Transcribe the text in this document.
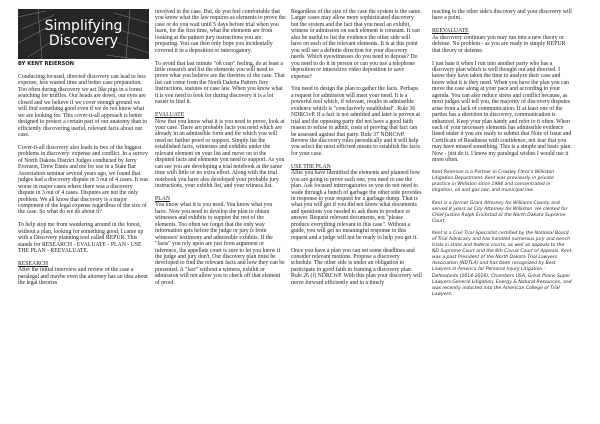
Simplifying
Discovery
BY KENT REIERSON

Conducting focused, directed discovery can lead to less expense, less wasted time and better case preparation. Too often during discovery we act like pigs in a forest searching for truffles. Our heads are down, our eyes are closed and we believe if we cover enough ground we will find something good even if we do not know what we are looking for. This cover-it-all approach is better designed to protect a certain part of our anatomy than to efficiently discovering useful, relevant facts about our case.

Cover-it-all discovery also leads to two of the biggest problems in discovery: expense and conflict. In a survey of North Dakota District Judges conducted by Jerry Evenson, Drew Ennis and me for use in a State Bar Association seminar several years ago, we found that judges had a discovery dispute in 3 out of 4 cases. It was worse in major cases where there was a discovery dispute in 3 out of 4 cases. Disputes are not the only problem. We all know that discovery is a major component of the legal expense regardless of the size of the case. So what do we do about it?

To help stop me from wandering around in the forest, without a plan, looking for something good, I came up with a Discovery planning tool called REPUR. This stands for RESEARCH - EVALUATE - PLAN - USE THE PLAN - REEVALUATE.

RESEARCH

After the initial interview and review of the case a paralegal and maybe even the attorney has an idea about the legal theories

involved in the case. But, do you feel comfortable that you know what the law requires as elements to prove the case or do you wait until 5 days before trial when you learn, for the first time, what the elements are from looking at the pattern jury instructions you are preparing. You can then only hope you incidentally covered it in a deposition or interrogatory.

To avoid that last minute "oh crap" feeling, do at least a little research and list the elements you will need to prove what you believe are the theories of the case. That list can come from the North Dakota Pattern Jury Instructions, statutes or case law. When you know what it is you need to look for during discovery it is a lot easier to find it.

EVALUATE

Now that you know what it is you need to prove, look at your case. There are probably facts you need which are already in an admissible form and for which you will need no further proof or support. Simply list the established facts, witnesses and exhibits under the relevant element on your list and move on to the disputed facts and elements you need to support. As you can see you are developing a trial notebook at the same time with little or no extra effort. Along with the trial notebook you have also developed your probable jury instructions, your exhibit list, and your witness list.

PLAN

You know what it is you need. You know what you have. Now you need to develop the plan to obtain witnesses and exhibits to support the rest of the elements. Too often we forget that the only way information gets before the judge or jury is from witnesses' testimony and admissible exhibits. If the "facts" you rely upon are just from argument or inference, the appellate court is sure to let you know if the judge and jury don't. Our discovery plan must be developed to find the relevant facts and how they can be presented. A "fact" without a witness, exhibit or admission will not allow you to check off that element of proof.

Regardless of the size of the case the system is the same. Larger cases may allow more sophisticated discovery but the system and the fact that you need an exhibit, witness or admission on each element is constant. It can also be useful to list the evidence the other side will have on each of the relevant elements. It is at this point you will see a definite direction for your discovery needs. Which eyewitnesses do you need to depose? Do you need to do it in person or can you use a telephone deposition or interactive video deposition to save expense?

You need to design the plan to gather the facts. Perhaps a request for admission will meet your need. It is a powerful tool which, if relevant, results in admissible evidence which is "conclusively established". Rule 36 NDRCivP. If a fact is not admitted and later is proven at trial and the opposing party did not have a good faith reason to refuse to admit, costs of proving that fact can be assessed against that party. Rule 37 NDRCivP. Review the discovery rules periodically and it will help you select the most efficient means to establish the facts for your case.

USE THE PLAN

After you have identified the elements and planned how you are going to prove each one, you need to use the plan. Ask focused interrogatories so you do not need to wade through a bunch of garbage the other side provides in response to your request for a garbage dump. That is what you will get if you did not know what documents and questions you needed to ask them to produce or answer. Request relevant documents, not "please produce everything relevant to this case". Without a guide, you will get no meaningful response to this request and a judge will not be ready to help you get it.

Once you have a plan you can set some deadlines and consider relevant motions. Propose a discovery schedule. The other side is under an obligation to participate in good faith in framing a discovery plan. Rule 26 (f) NDRCivP. With this plan your discovery will move forward efficiently and in a timely

reacting to the other side's discovery and your discovery will have a point.

REEVALUATE

As discovery continues you may run into a new theory or defense. No problem - as you are ready to simply REPUR that theory or defense.

I just hate it when I run into another party who has a discovery plan which is well thought out and directed. I know they have taken the time to analyze their case and know what it is they need. When you have the plan you can move the case along at your pace and according to your agenda. You can also reduce stress and conflict because, as most judges will tell you, the majority of discovery disputes arise from a lack of communication. If at least one of the parties has a direction in discovery, communication is enhanced. Keep your plan handy and refer to it often. When each of your necessary elements has admissible evidence listed under it you are ready to submit that Note of Issue and Certificate of Readiness with confidence, not fear that you may have missed something. This is a simple and basic plan. Now - just do it. I know my paralegal wishes I would use it more often.

Kent Reierson is a Partner in Crowley Fleck's Williston Litigation Department. Kent was previously in private practice in Williston since 1984 and concentrated in litigation, oil and gas law, and municipal law.

Kent is a former Grant Attorney for Williams County and served 8 years as City Attorney for Williston. He clerked for Chief Justice Ralph Erickstad of the North Dakota Supreme Court.

Kent is a Civil Trial Specialist certified by the National Board of Trial Advocacy and has handled numerous jury and bench trials in state and federal courts, as well as appeals to the ND Supreme Court and the 8th Circuit Court of Appeals. Kent was a past President of the North Dakota Trial Lawyers Association (NDTLA) and has been recognized by Best Lawyers in America for Personal Injury Litigation - Defendants (2014-2016), Chambers USA, Great Plains Super Lawyers-General Litigation, Energy & Natural Resources, and was recently inducted into the American College of Trial Lawyers.
